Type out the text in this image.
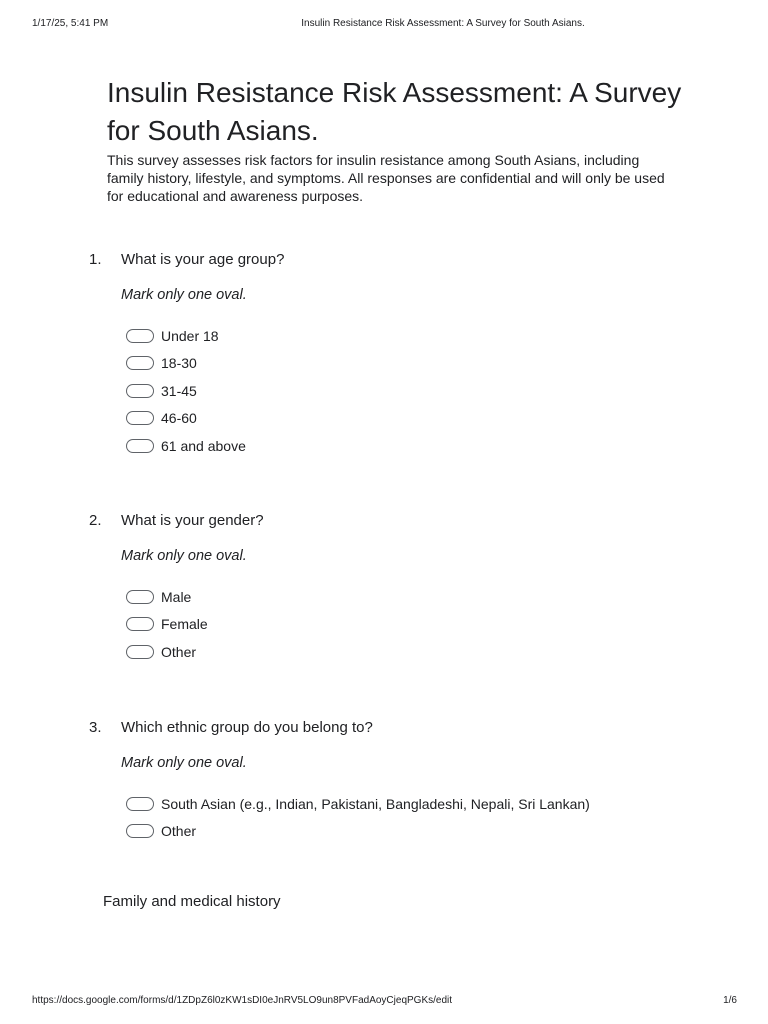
1/17/25, 5:41 PM	Insulin Resistance Risk Assessment: A Survey for South Asians.
Insulin Resistance Risk Assessment: A Survey for South Asians.

This survey assesses risk factors for insulin resistance among South Asians, including family history, lifestyle, and symptoms. All responses are confidential and will only be used for educational and awareness purposes.

1. What is your age group?
Mark only one oval.
Under 18
18-30
31-45
46-60
61 and above
2. What is your gender?
Mark only one oval.
Male
Female
Other
3. Which ethnic group do you belong to?
Mark only one oval.
South Asian (e.g., Indian, Pakistani, Bangladeshi, Nepali, Sri Lankan)
Other
Family and medical history
https://docs.google.com/forms/d/1ZDpZ6l0zKW1sDI0eJnRV5LO9un8PVFadAoyCjeqPGKs/edit	1/6
